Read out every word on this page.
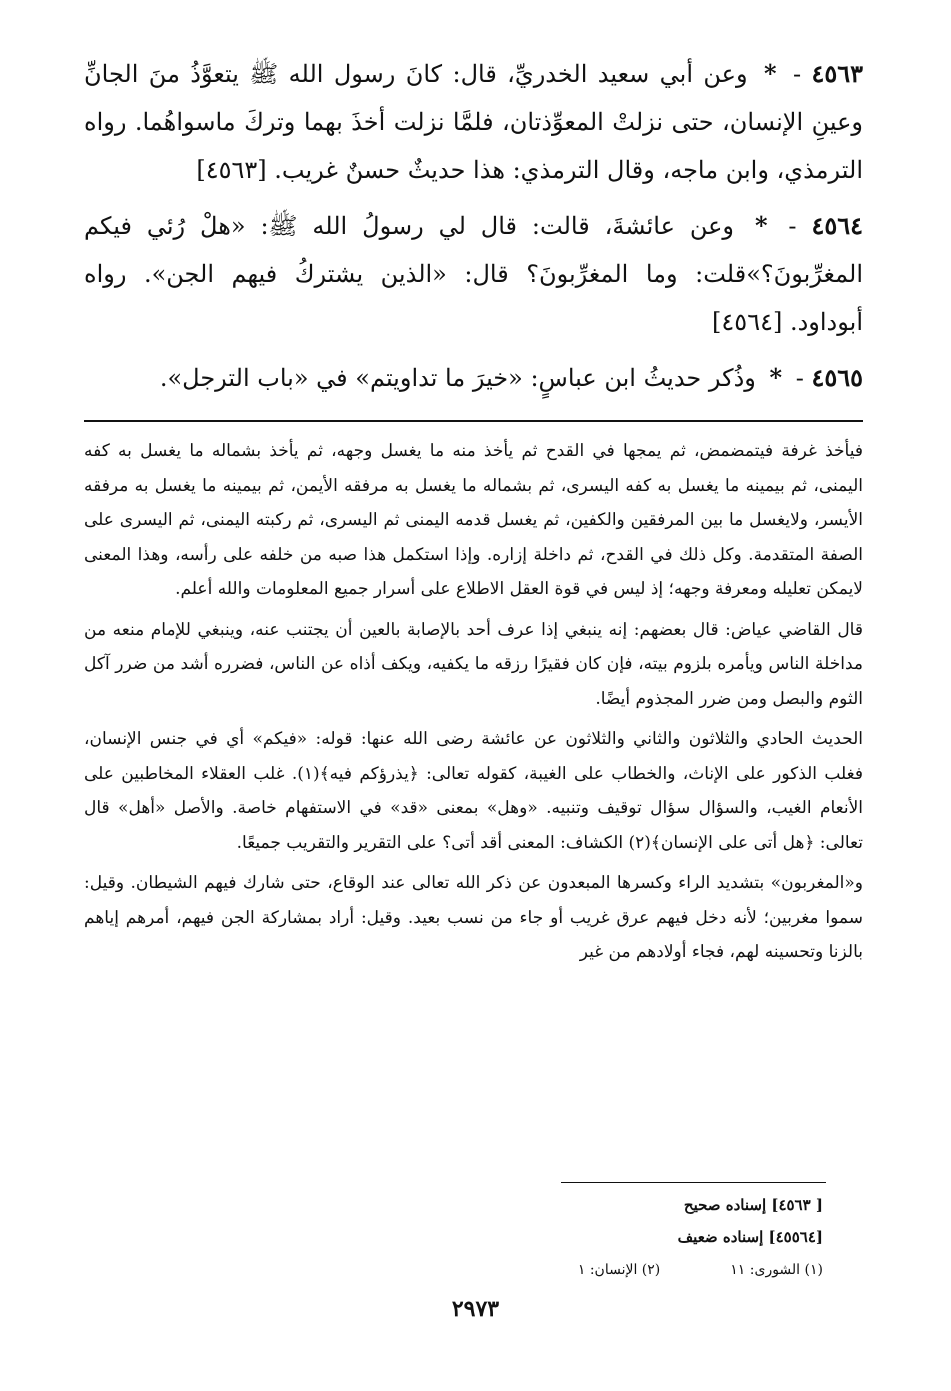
٤٥٦٣ - * وعن أبي سعيد الخدريِّ، قال: كانَ رسول الله ﷺ يتعوَّذُ منَ الجانِّ وعينِ الإنسان، حتى نزلتْ المعوِّذتان، فلمَّا نزلت أخذَ بهما وتركَ ماسواهُما. رواه الترمذي، وابن ماجه، وقال الترمذي: هذا حديثٌ حسنٌ غريب. [٤٥٦٣]

٤٥٦٤ - * وعن عائشةَ، قالت: قال لي رسولُ الله ﷺ: «هلْ رُئي فيكم المغرِّبونَ؟»قلت: وما المغرِّبونَ؟ قال: «الذين يشتركُ فيهم الجن». رواه أبوداود. [٤٥٦٤]

٤٥٦٥ - * وذُكر حديثُ ابن عباسٍ: «خيرَ ما تداويتم» في «باب الترجل».

فيأخذ غرفة فيتمضمض، ثم يمجها في القدح ثم يأخذ منه ما يغسل وجهه، ثم يأخذ بشماله ما يغسل به كفه اليمنى، ثم بيمينه ما يغسل به كفه اليسرى، ثم بشماله ما يغسل به مرفقه الأيمن، ثم بيمينه ما يغسل به مرفقه الأيسر، ولايغسل ما بين المرفقين والكفين، ثم يغسل قدمه اليمنى ثم اليسرى، ثم ركبته اليمنى، ثم اليسرى على الصفة المتقدمة. وكل ذلك في القدح، ثم داخلة إزاره. وإذا استكمل هذا صبه من خلفه على رأسه، وهذا المعنى لايمكن تعليله ومعرفة وجهه؛ إذ ليس في قوة العقل الاطلاع على أسرار جميع المعلومات والله أعلم.

قال القاضي عياض: قال بعضهم: إنه ينبغي إذا عرف أحد بالإصابة بالعين أن يجتنب عنه، وينبغي للإمام منعه من مداخلة الناس ويأمره بلزوم بيته، فإن كان فقيرًا رزقه ما يكفيه، ويكف أذاه عن الناس، فضرره أشد من ضرر آكل الثوم والبصل ومن ضرر المجذوم أيضًا.

الحديث الحادي والثلاثون والثاني والثلاثون عن عائشة رضى الله عنها: قوله: «فيكم» أي في جنس الإنسان، فغلب الذكور على الإناث، والخطاب على الغيبة، كقوله تعالى: ﴿يذرؤكم فيه﴾(١). غلب العقلاء المخاطبين على الأنعام الغيب، والسؤال سؤال توقيف وتنبيه. «وهل» بمعنى «قد» في الاستفهام خاصة. والأصل «أهل» قال تعالى: ﴿هل أتى على الإنسان﴾(٢) الكشاف: المعنى أقد أتى؟ على التقرير والتقريب جميعًا.

و«المغربون» بتشديد الراء وكسرها المبعدون عن ذكر الله تعالى عند الوقاع، حتى شارك فيهم الشيطان. وقيل: سموا مغربين؛ لأنه دخل فيهم عرق غريب أو جاء من نسب بعيد. وقيل: أراد بمشاركة الجن فيهم، أمرهم إياهم بالزنا وتحسينه لهم، فجاء أولادهم من غير

[ ٤٥٦٣] إسناده صحيح
[٤٥٥٦٤] إسناده ضعيف
(١) الشورى: ١١
(٢) الإنسان: ١
٢٩٧٣
